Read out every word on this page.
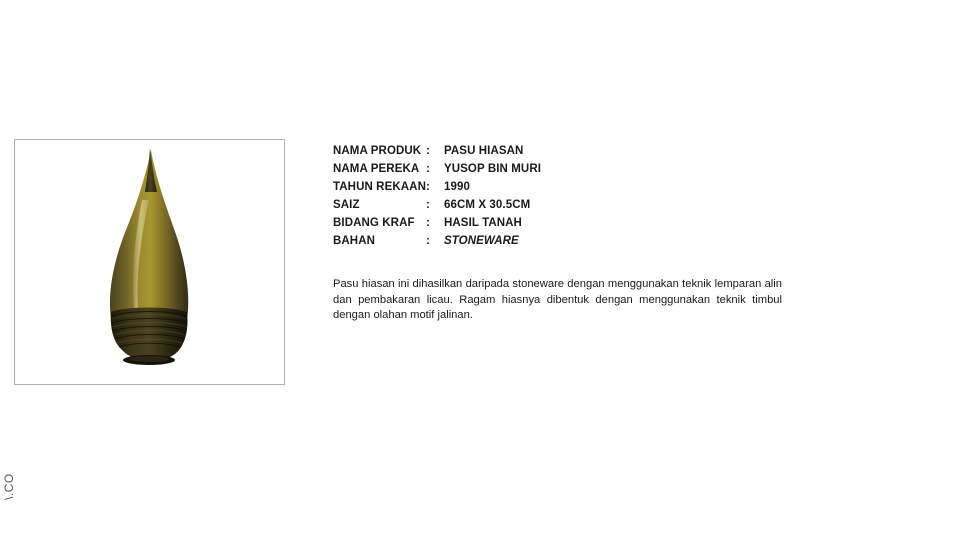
NAMA PRODUK	:	PASU HIASAN
NAMA PEREKA	:	YUSOP BIN MURI
TAHUN REKAAN	:	1990
SAIZ	:	66CM X 30.5CM
BIDANG KRAF	:	HASIL TANAH
BAHAN	:	STONEWARE
Pasu hiasan ini dihasilkan daripada stoneware dengan menggunakan teknik lemparan alin dan pembakaran licau. Ragam hiasnya dibentuk dengan menggunakan teknik timbul dengan olahan motif jalinan.
\.CO
